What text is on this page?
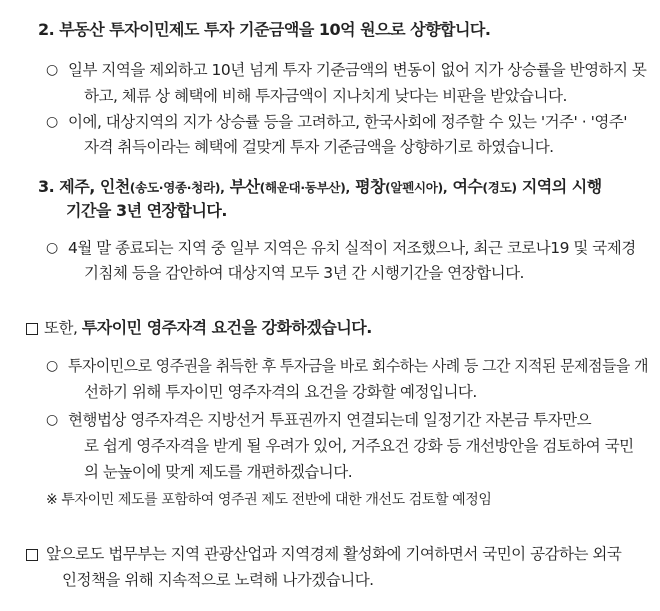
2. 부동산 투자이민제도 투자 기준금액을 10억 원으로 상향합니다.
○ 일부 지역을 제외하고 10년 넘게 투자 기준금액의 변동이 없어 지가 상승률을 반영하지 못
하고, 체류 상 혜택에 비해 투자금액이 지나치게 낮다는 비판을 받았습니다.
○ 이에, 대상지역의 지가 상승률 등을 고려하고, 한국사회에 정주할 수 있는 '거주' · '영주'
자격 취득이라는 혜택에 걸맞게 투자 기준금액을 상향하기로 하였습니다.
3. 제주, 인천(송도·영종·청라), 부산(해운대·동부산), 평창(알펜시아), 여수(경도) 지역의 시행
기간을 3년 연장합니다.
○ 4월 말 종료되는 지역 중 일부 지역은 유치 실적이 저조했으나, 최근 코로나19 및 국제경
기침체 등을 감안하여 대상지역 모두 3년 간 시행기간을 연장합니다.
또한, 투자이민 영주자격 요건을 강화하겠습니다.
○ 투자이민으로 영주권을 취득한 후 투자금을 바로 회수하는 사례 등 그간 지적된 문제점들을 개
선하기 위해 투자이민 영주자격의 요건을 강화할 예정입니다.
○ 현행법상 영주자격은 지방선거 투표권까지 연결되는데 일정기간 자본금 투자만으
로 쉽게 영주자격을 받게 될 우려가 있어, 거주요건 강화 등 개선방안을 검토하여 국민
의 눈높이에 맞게 제도를 개편하겠습니다.
※ 투자이민 제도를 포함하여 영주권 제도 전반에 대한 개선도 검토할 예정임
앞으로도 법무부는 지역 관광산업과 지역경제 활성화에 기여하면서 국민이 공감하는 외국
인정책을 위해 지속적으로 노력해 나가겠습니다.
